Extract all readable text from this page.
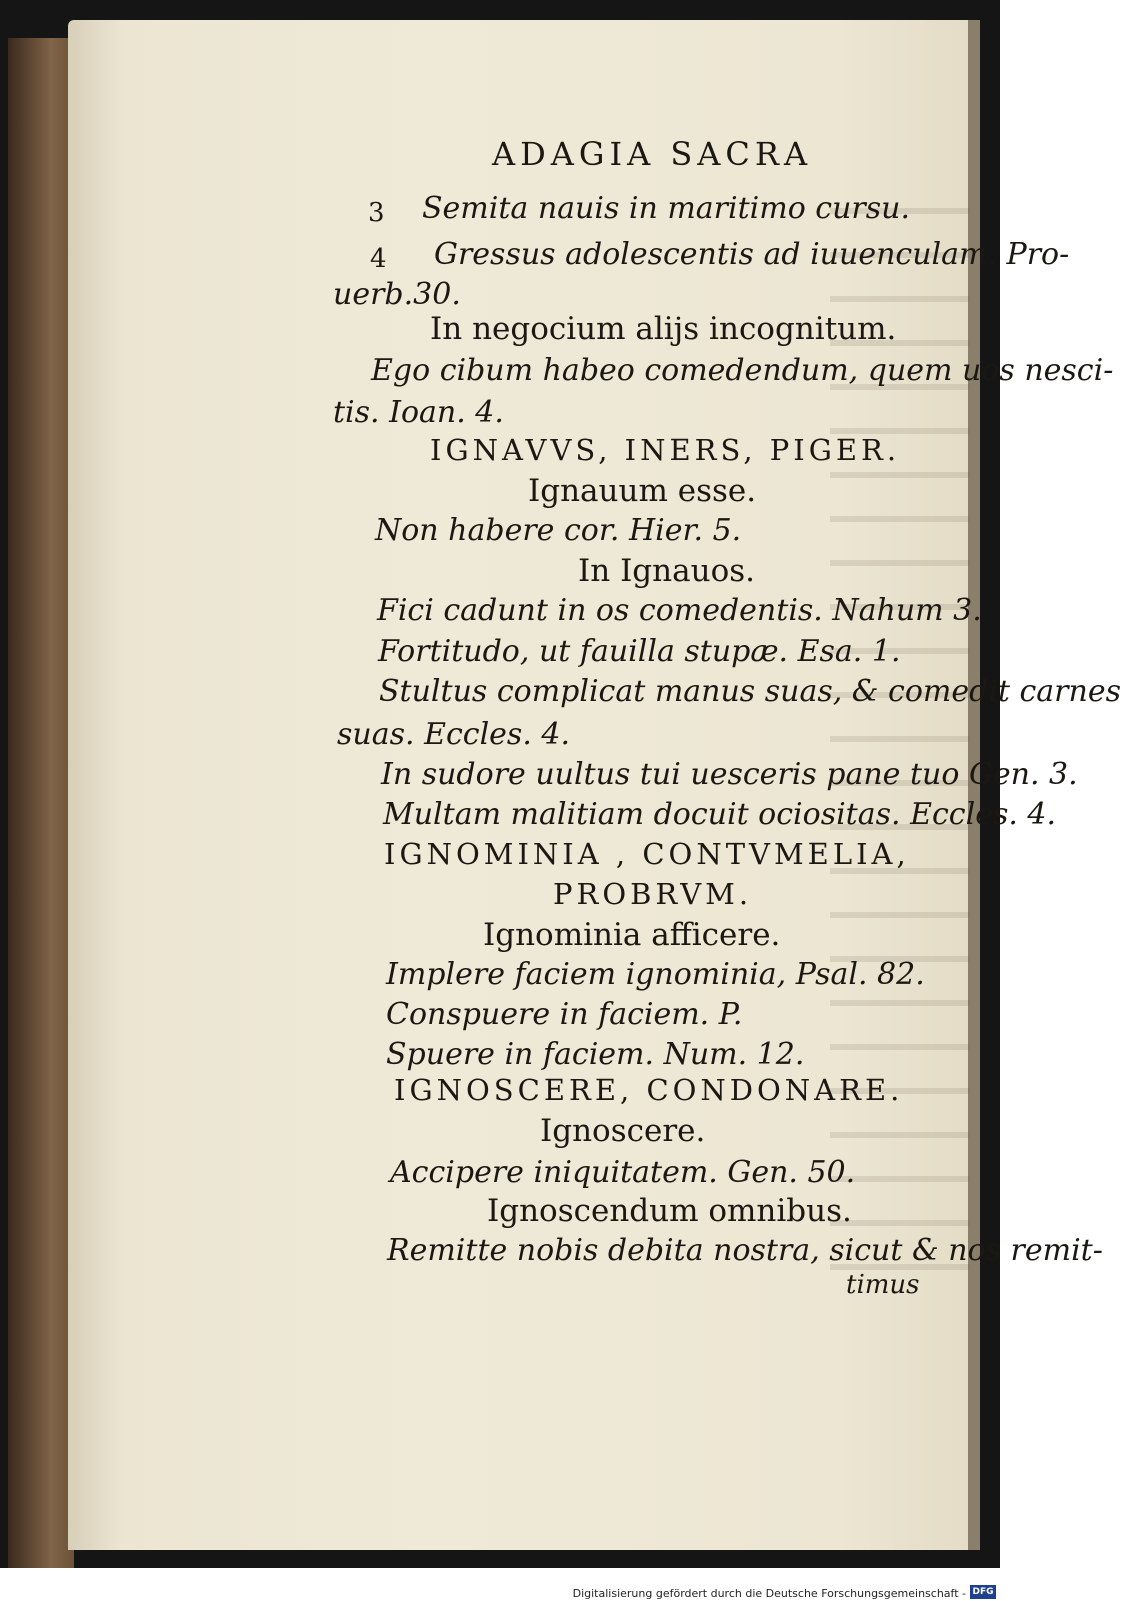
ADAGIA SACRA
3 Semita nauis in maritimo cursu.
4 Gressus adolescentis ad iuuenculam. Pro-
uerb.30.
In negocium aliјs incognitum.
Ego cibum habeo comedendum, quem uos nesci-
tis. Ioan. 4.
IGNAVVS, INERS, PIGER.
Ignauum esse.
Non habere cor. Hier. 5.
In Ignauos.
Fici cadunt in os comedentis. Nahum 3.
Fortitudo, ut fauilla stupæ. Esa. 1.
Stultus complicat manus suas, & comedit carnes
suas. Eccles. 4.
In sudore uultus tui uesceris pane tuo Gen. 3.
Multam malitiam docuit ociositas. Eccles. 4.
IGNOMINIA , CONTVMELIA,
PROBRVM.
Ignominia afficere.
Implere faciem ignominia, Psal. 82.
Conspuere in faciem. P.
Spuere in faciem. Num. 12.
IGNOSCERE, CONDONARE.
Ignoscere.
Accipere iniquitatem. Gen. 50.
Ignoscendum omnibus.
Remitte nobis debita nostra, sicut & nos remit-
timus
Digitalisierung gefördert durch die Deutsche Forschungsgemeinschaft - DFG
